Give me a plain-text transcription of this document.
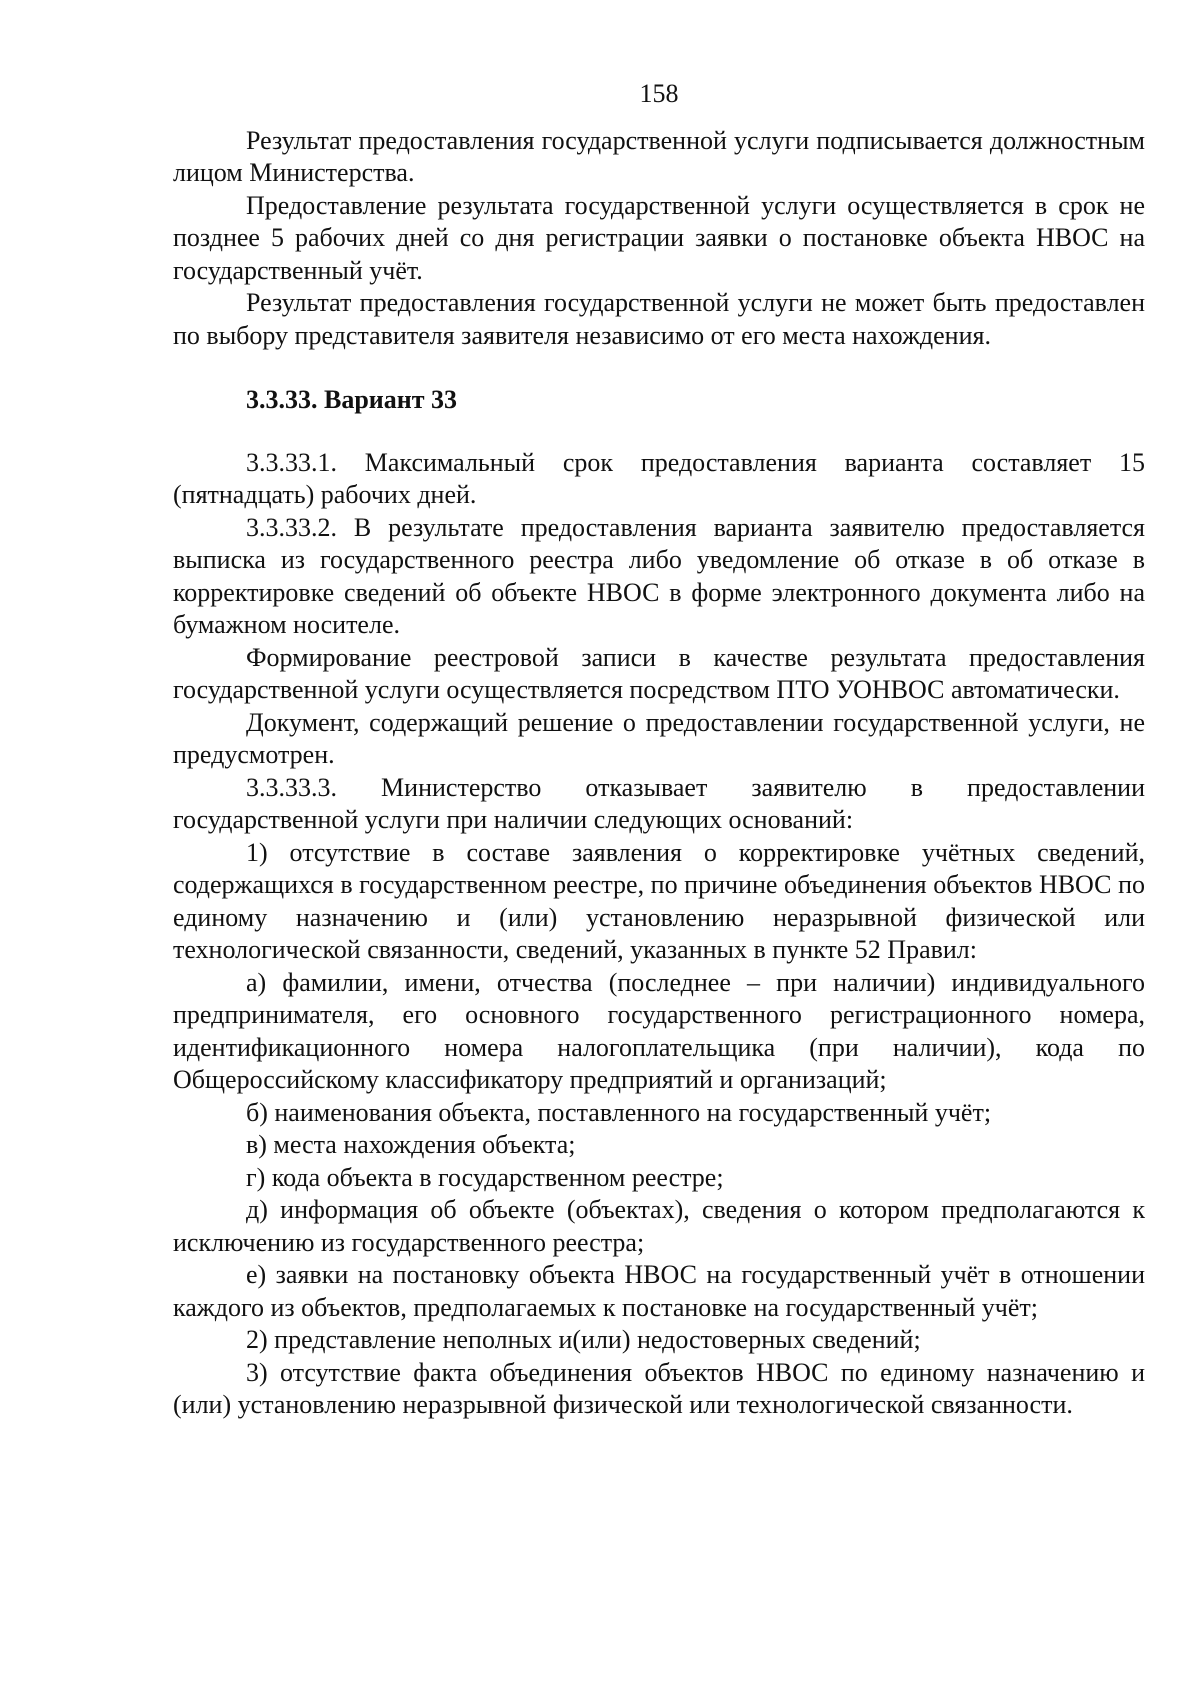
158

Результат предоставления государственной услуги подписывается должностным лицом Министерства.

Предоставление результата государственной услуги осуществляется в срок не позднее 5 рабочих дней со дня регистрации заявки о постановке объекта НВОС на государственный учёт.

Результат предоставления государственной услуги не может быть предоставлен по выбору представителя заявителя независимо от его места нахождения.

3.3.33. Вариант 33

3.3.33.1. Максимальный срок предоставления варианта составляет 15 (пятнадцать) рабочих дней.

3.3.33.2. В результате предоставления варианта заявителю предоставляется выписка из государственного реестра либо уведомление об отказе в об отказе в корректировке сведений об объекте НВОС в форме электронного документа либо на бумажном носителе.

Формирование реестровой записи в качестве результата предоставления государственной услуги осуществляется посредством ПТО УОНВОС автоматически.

Документ, содержащий решение о предоставлении государственной услуги, не предусмотрен.

3.3.33.3. Министерство отказывает заявителю в предоставлении государственной услуги при наличии следующих оснований:

1) отсутствие в составе заявления о корректировке учётных сведений, содержащихся в государственном реестре, по причине объединения объектов НВОС по единому назначению и (или) установлению неразрывной физической или технологической связанности, сведений, указанных в пункте 52 Правил:

а) фамилии, имени, отчества (последнее – при наличии) индивидуального предпринимателя, его основного государственного регистрационного номера, идентификационного номера налогоплательщика (при наличии), кода по Общероссийскому классификатору предприятий и организаций;

б) наименования объекта, поставленного на государственный учёт;

в) места нахождения объекта;

г) кода объекта в государственном реестре;

д) информация об объекте (объектах), сведения о котором предполагаются к исключению из государственного реестра;

е) заявки на постановку объекта НВОС на государственный учёт в отношении каждого из объектов, предполагаемых к постановке на государственный учёт;

2) представление неполных и(или) недостоверных сведений;

3) отсутствие факта объединения объектов НВОС по единому назначению и (или) установлению неразрывной физической или технологической связанности.
